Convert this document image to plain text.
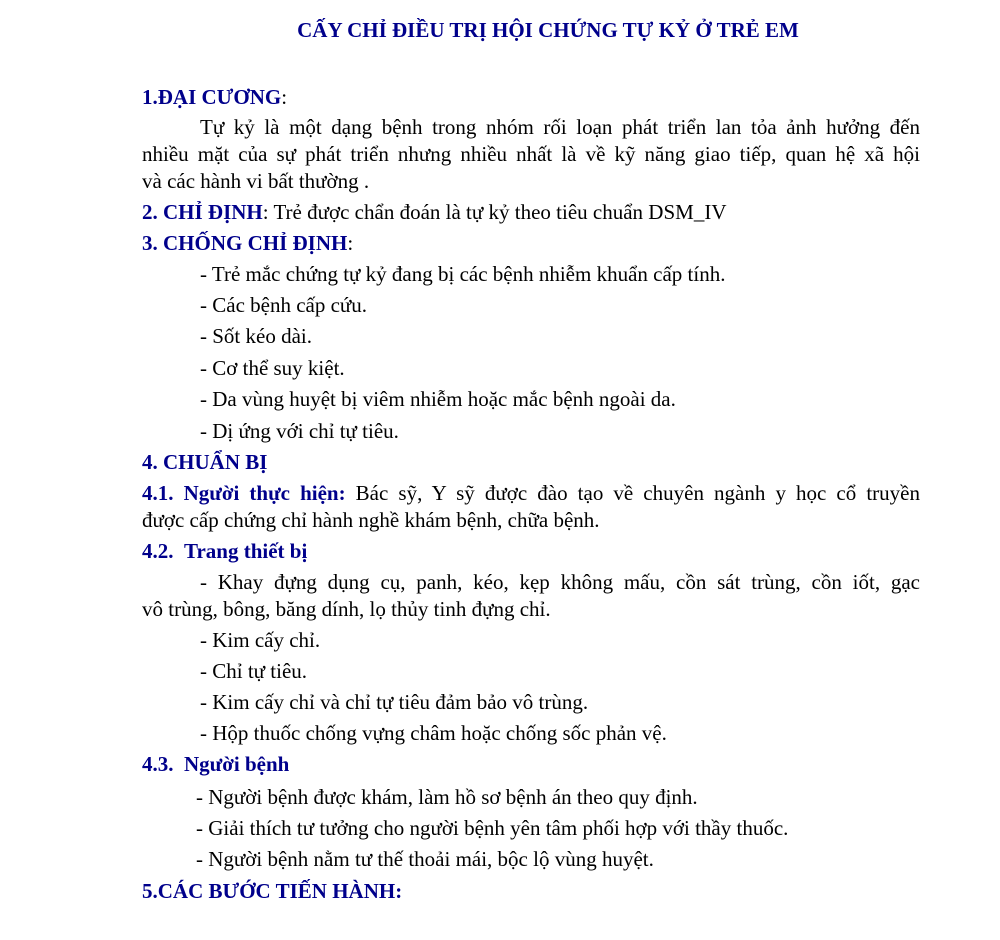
CẤY CHỈ ĐIỀU TRỊ HỘI CHỨNG TỰ KỶ Ở TRẺ EM
1.ĐẠI CƯƠNG:
Tự kỷ là một dạng bệnh trong nhóm rối loạn phát triển lan tỏa ảnh hưởng đến
nhiều mặt của sự phát triển nhưng nhiều nhất là về kỹ năng giao tiếp, quan hệ xã hội
và các hành vi bất thường .
2. CHỈ ĐỊNH: Trẻ được chẩn đoán là tự kỷ theo tiêu chuẩn DSM_IV
3. CHỐNG CHỈ ĐỊNH:
- Trẻ mắc chứng tự kỷ đang bị các bệnh nhiễm khuẩn cấp tính.
- Các bệnh cấp cứu.
- Sốt kéo dài.
- Cơ thể suy kiệt.
- Da vùng huyệt bị viêm nhiễm hoặc mắc bệnh ngoài da.
- Dị ứng với chỉ tự tiêu.
4. CHUẨN BỊ
4.1. Người thực hiện: Bác sỹ, Y sỹ được đào tạo về chuyên ngành y học cổ truyền
được cấp chứng chỉ hành nghề khám bệnh, chữa bệnh.
4.2. Trang thiết bị
- Khay đựng dụng cụ, panh, kéo, kẹp không mấu, cồn sát trùng, cồn iốt, gạc
vô trùng, bông, băng dính, lọ thủy tinh đựng chỉ.
- Kim cấy chỉ.
- Chỉ tự tiêu.
- Kim cấy chỉ và chỉ tự tiêu đảm bảo vô trùng.
- Hộp thuốc chống vựng châm hoặc chống sốc phản vệ.
4.3. Người bệnh
- Người bệnh được khám, làm hồ sơ bệnh án theo quy định.
- Giải thích tư tưởng cho người bệnh yên tâm phối hợp với thầy thuốc.
- Người bệnh nằm tư thế thoải mái, bộc lộ vùng huyệt.
5.CÁC BƯỚC TIẾN HÀNH:
